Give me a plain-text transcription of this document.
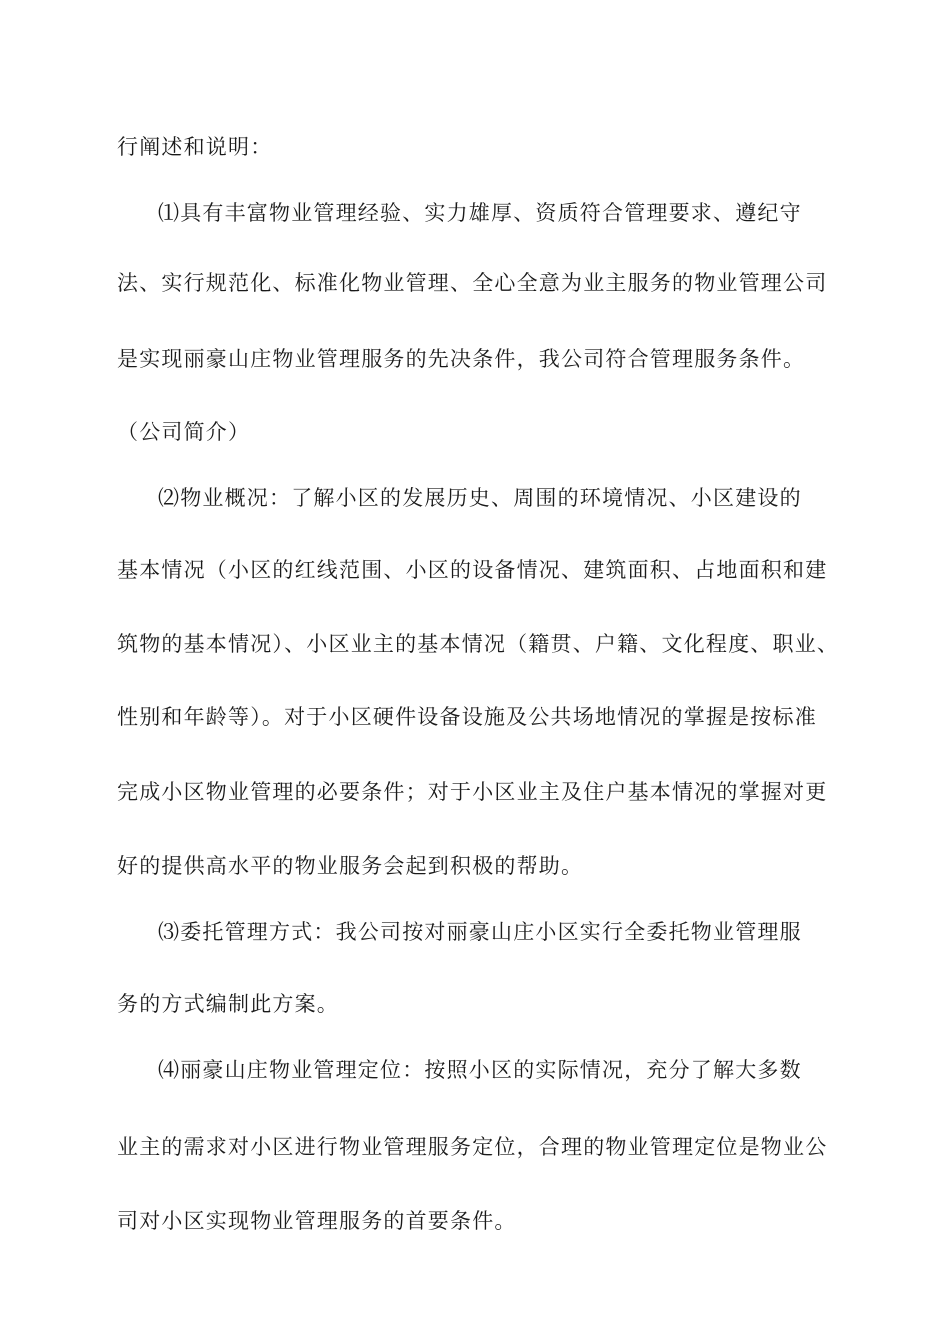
行阐述和说明：
⑴具有丰富物业管理经验、实力雄厚、资质符合管理要求、遵纪守
法、实行规范化、标准化物业管理、全心全意为业主服务的物业管理公司
是实现丽豪山庄物业管理服务的先决条件，我公司符合管理服务条件。
（公司简介）
⑵物业概况：了解小区的发展历史、周围的环境情况、小区建设的
基本情况（小区的红线范围、小区的设备情况、建筑面积、占地面积和建
筑物的基本情况）、小区业主的基本情况（籍贯、户籍、文化程度、职业、
性别和年龄等）。对于小区硬件设备设施及公共场地情况的掌握是按标准
完成小区物业管理的必要条件；对于小区业主及住户基本情况的掌握对更
好的提供高水平的物业服务会起到积极的帮助。
⑶委托管理方式：我公司按对丽豪山庄小区实行全委托物业管理服
务的方式编制此方案。
⑷丽豪山庄物业管理定位：按照小区的实际情况，充分了解大多数
业主的需求对小区进行物业管理服务定位，合理的物业管理定位是物业公
司对小区实现物业管理服务的首要条件。
